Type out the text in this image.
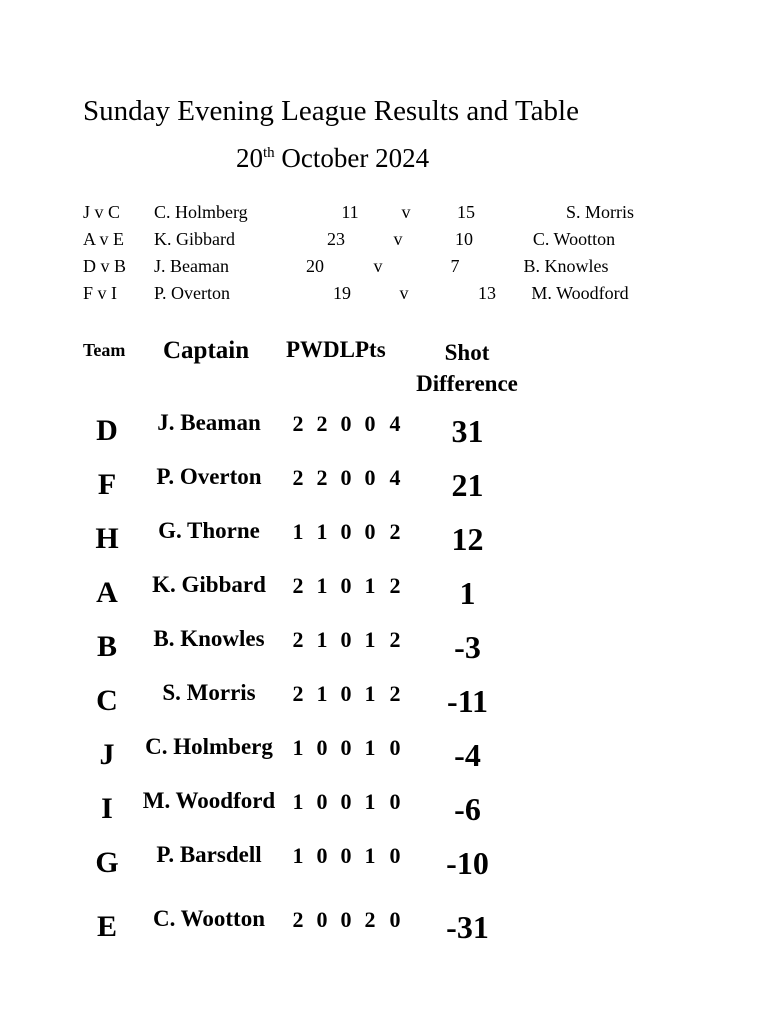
Sunday Evening League Results and Table
20th October 2024
J v C C. Holmberg	11	v	15	S. Morris
A v E K. Gibbard	23	v	10	C. Wootton
D v B J. Beaman	20	v	7	B. Knowles
F v I P. Overton	19	v	13	M. Woodford
Team Captain PWDLPts	Shot
Difference
D	J. Beaman	2 2 0 0 4	31
F	P. Overton	2 2 0 0 4	21
H	G. Thorne	1 1 0 0 2	12
A	K. Gibbard	2 1 0 1 2	1
B	B. Knowles	2 1 0 1 2	-3
C	S. Morris	2 1 0 1 2	-11
J	C. Holmberg 1 0 0 1 0	-4
I	M. Woodford 1 0 0 1 0	-6
G	P. Barsdell	1 0 0 1 0	-10
E	C. Wootton	2 0 0 2 0	-31
